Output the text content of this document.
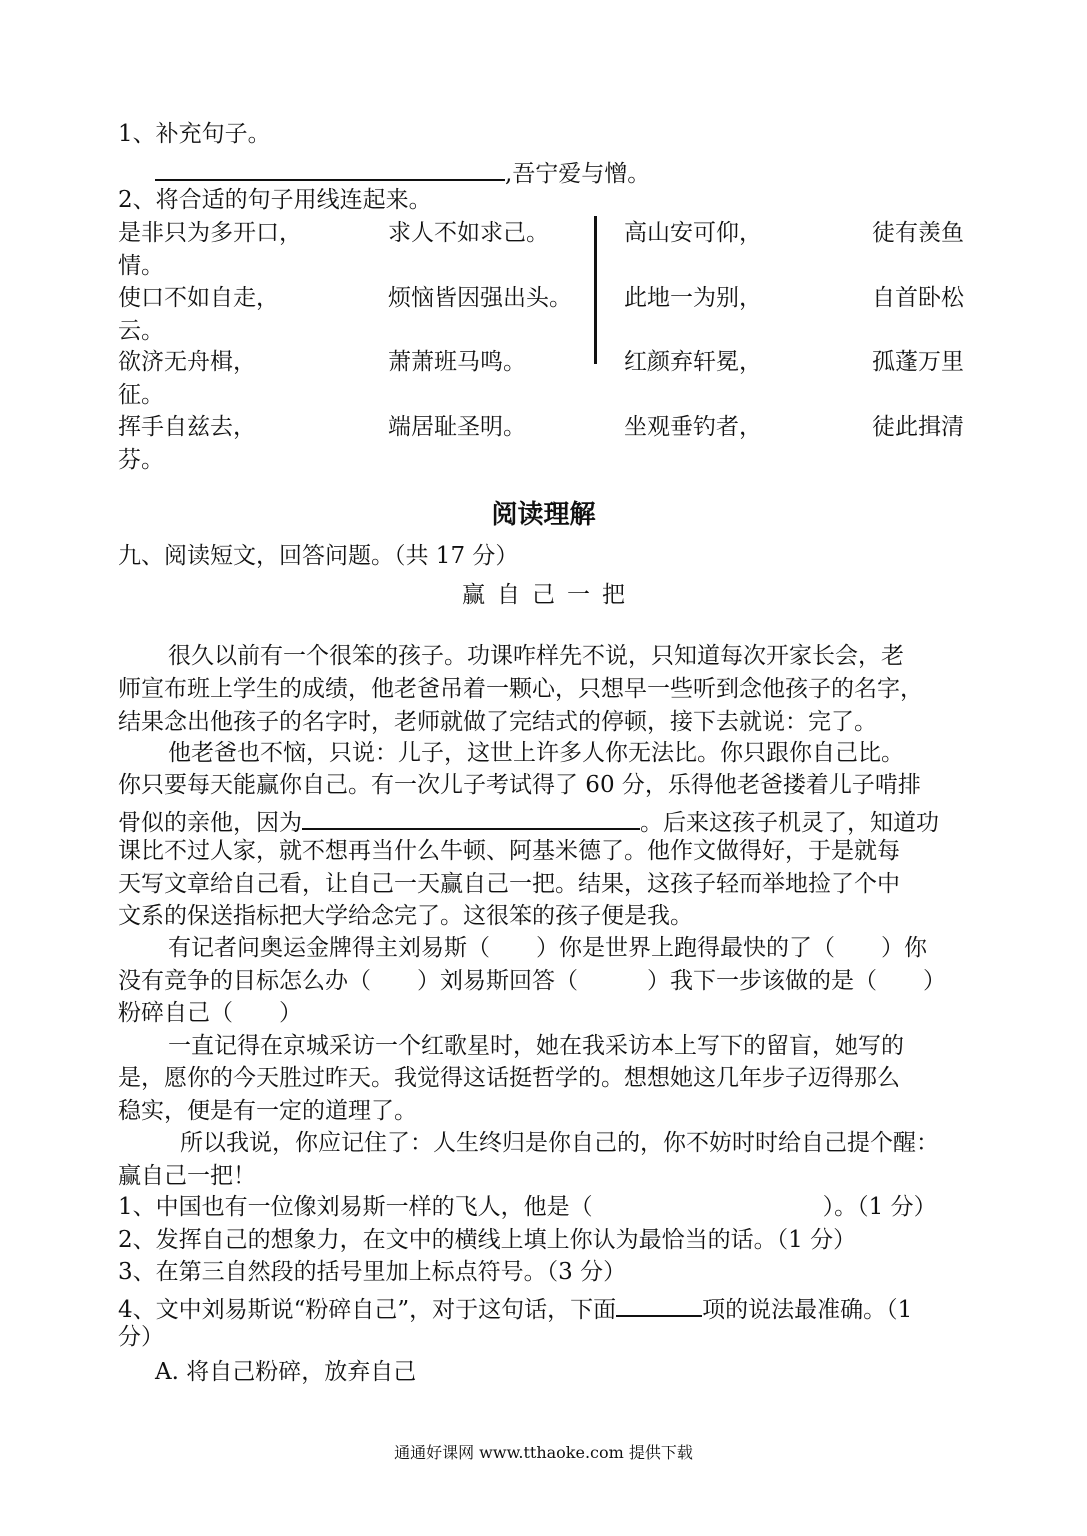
1、补充句子。
,吾宁爱与憎。
2、将合适的句子用线连起来。
是非只为多开口，	求人不如求己。	高山安可仰，	徒有羡鱼
情。
使口不如自走，	烦恼皆因强出头。 此地一为别，	自首卧松
云。
欲济无舟楫，	萧萧班马鸣。	红颜弃轩冕，	孤蓬万里
征。
挥手自兹去，	端居耻圣明。	坐观垂钓者，	徒此揖清
芬。
阅读理解
九、阅读短文，回答问题。（共 17 分）
赢自己一把
很久以前有一个很笨的孩子。功课咋样先不说，只知道每次开家长会，老
师宣布班上学生的成绩，他老爸吊着一颗心，只想早一些听到念他孩子的名字，
结果念出他孩子的名字时，老师就做了完结式的停顿，接下去就说：完了。
他老爸也不恼，只说：儿子，这世上许多人你无法比。你只跟你自己比。
你只要每天能赢你自己。有一次儿子考试得了 60 分，乐得他老爸搂着儿子啃排
骨似的亲他，因为	。后来这孩子机灵了，知道功
课比不过人家，就不想再当什么牛顿、阿基米德了。他作文做得好，于是就每
天写文章给自己看，让自己一天赢自己一把。结果，这孩子轻而举地捡了个中
文系的保送指标把大学给念完了。这很笨的孩子便是我。
有记者问奥运金牌得主刘易斯（　　）你是世界上跑得最快的了（　　）你
没有竞争的目标怎么办（　　）刘易斯回答（　　　）我下一步该做的是（　　）
粉碎自己（　　）
一直记得在京城采访一个红歌星时，她在我采访本上写下的留盲，她写的
是，愿你的今天胜过昨天。我觉得这话挺哲学的。想想她这几年步子迈得那么
稳实，便是有一定的道理了。
所以我说，你应记住了：人生终归是你自己的，你不妨时时给自己提个醒：
赢自己一把！
1、中国也有一位像刘易斯一样的飞人，他是（　　　　　　　　　　）。（1 分）
2、发挥自己的想象力，在文中的横线上填上你认为最恰当的话。（1 分）
3、在第三自然段的括号里加上标点符号。（3 分）
4、文中刘易斯说“粉碎自己”，对于这句话，下面	项的说法最准确。（1
分）
A. 将自己粉碎，放弃自己
通通好课网 www.tthaoke.com 提供下载
